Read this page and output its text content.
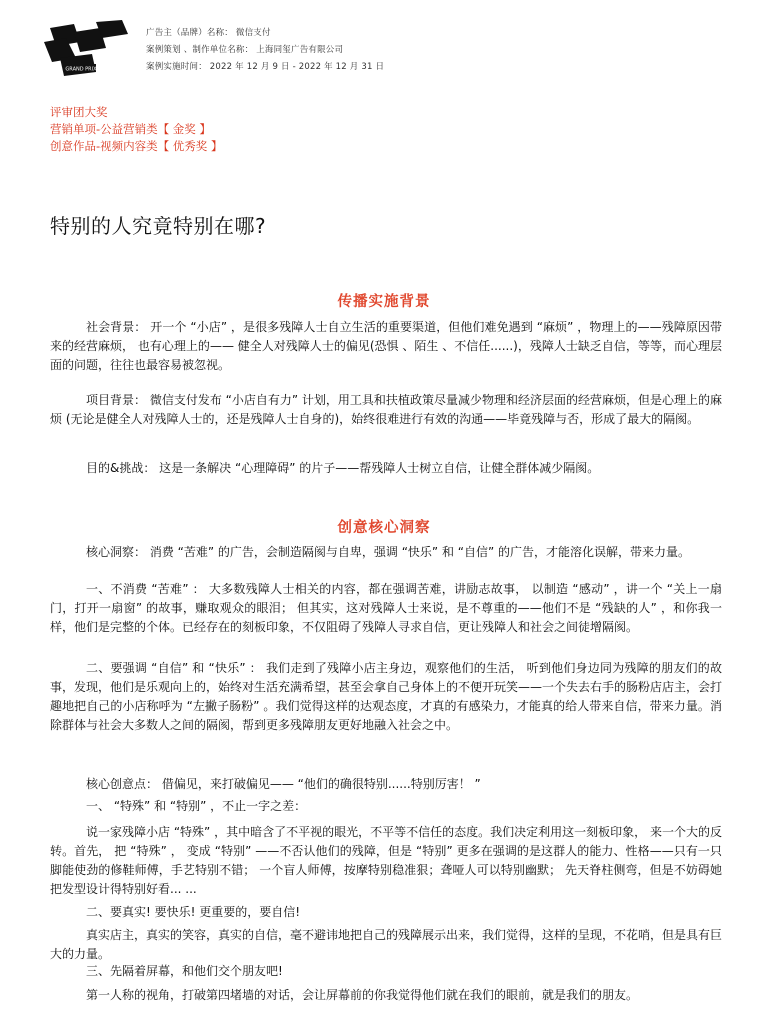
GRAND PRIX
广告主（品牌）名称： 微信支付
案例策划 、制作单位名称： 上海同玺广告有限公司
案例实施时间： 2022 年 12 月 9 日 - 2022 年 12 月 31 日
评审团大奖
营销单项-公益营销类【 金奖 】
创意作品-视频内容类【 优秀奖 】
特别的人究竟特别在哪?
传播实施背景

社会背景： 开一个 “小店” ，是很多残障人士自立生活的重要渠道，但他们难免遇到 “麻烦” ，物理上的——残障原因带来的经营麻烦， 也有心理上的—— 健全人对残障人士的偏见(恐惧 、陌生 、不信任......)，残障人士缺乏自信，等等，而心理层面的问题，往往也最容易被忽视。

项目背景： 微信支付发布 “小店自有力” 计划，用工具和扶植政策尽量减少物理和经济层面的经营麻烦，但是心理上的麻烦 (无论是健全人对残障人士的，还是残障人士自身的)，始终很难进行有效的沟通——毕竟残障与否，形成了最大的隔阂。

目的&挑战： 这是一条解决 “心理障碍” 的片子——帮残障人士树立自信，让健全群体减少隔阂。

创意核心洞察

核心洞察： 消费 “苦难” 的广告，会制造隔阂与自卑，强调 “快乐” 和 “自信” 的广告，才能溶化误解，带来力量。

一、不消费 “苦难” ： 大多数残障人士相关的内容，都在强调苦难，讲励志故事， 以制造 “感动” ，讲一个 “关上一扇门，打开一扇窗” 的故事，赚取观众的眼泪； 但其实，这对残障人士来说，是不尊重的——他们不是 “残缺的人” ，和你我一样，他们是完整的个体。已经存在的刻板印象，不仅阻碍了残障人寻求自信，更让残障人和社会之间徒增隔阂。

二、要强调 “自信” 和 “快乐” ： 我们走到了残障小店主身边，观察他们的生活， 听到他们身边同为残障的朋友们的故事，发现，他们是乐观向上的，始终对生活充满希望，甚至会拿自己身体上的不便开玩笑——一个失去右手的肠粉店店主，会打趣地把自己的小店称呼为 “左撇子肠粉” 。我们觉得这样的达观态度，才真的有感染力，才能真的给人带来自信，带来力量。消除群体与社会大多数人之间的隔阂，帮到更多残障朋友更好地融入社会之中。

核心创意点： 借偏见，来打破偏见—— “他们的确很特别......特别厉害！ ”

一、 “特殊” 和 “特别” ，不止一字之差：

说一家残障小店 “特殊” ，其中暗含了不平视的眼光，不平等不信任的态度。我们决定利用这一刻板印象， 来一个大的反转。首先， 把 “特殊” ， 变成 “特别” ——不否认他们的残障，但是 “特别” 更多在强调的是这群人的能力、性格——只有一只脚能使劲的修鞋师傅，手艺特别不错； 一个盲人师傅，按摩特别稳准狠；聋哑人可以特别幽默； 先天脊柱侧弯，但是不妨碍她把发型设计得特别好看... ...

二、要真实! 要快乐! 更重要的，要自信!

真实店主，真实的笑容，真实的自信，毫不避讳地把自己的残障展示出来，我们觉得，这样的呈现，不花哨，但是具有巨大的力量。

三、先隔着屏幕，和他们交个朋友吧!

第一人称的视角，打破第四堵墙的对话，会让屏幕前的你我觉得他们就在我们的眼前，就是我们的朋友。
